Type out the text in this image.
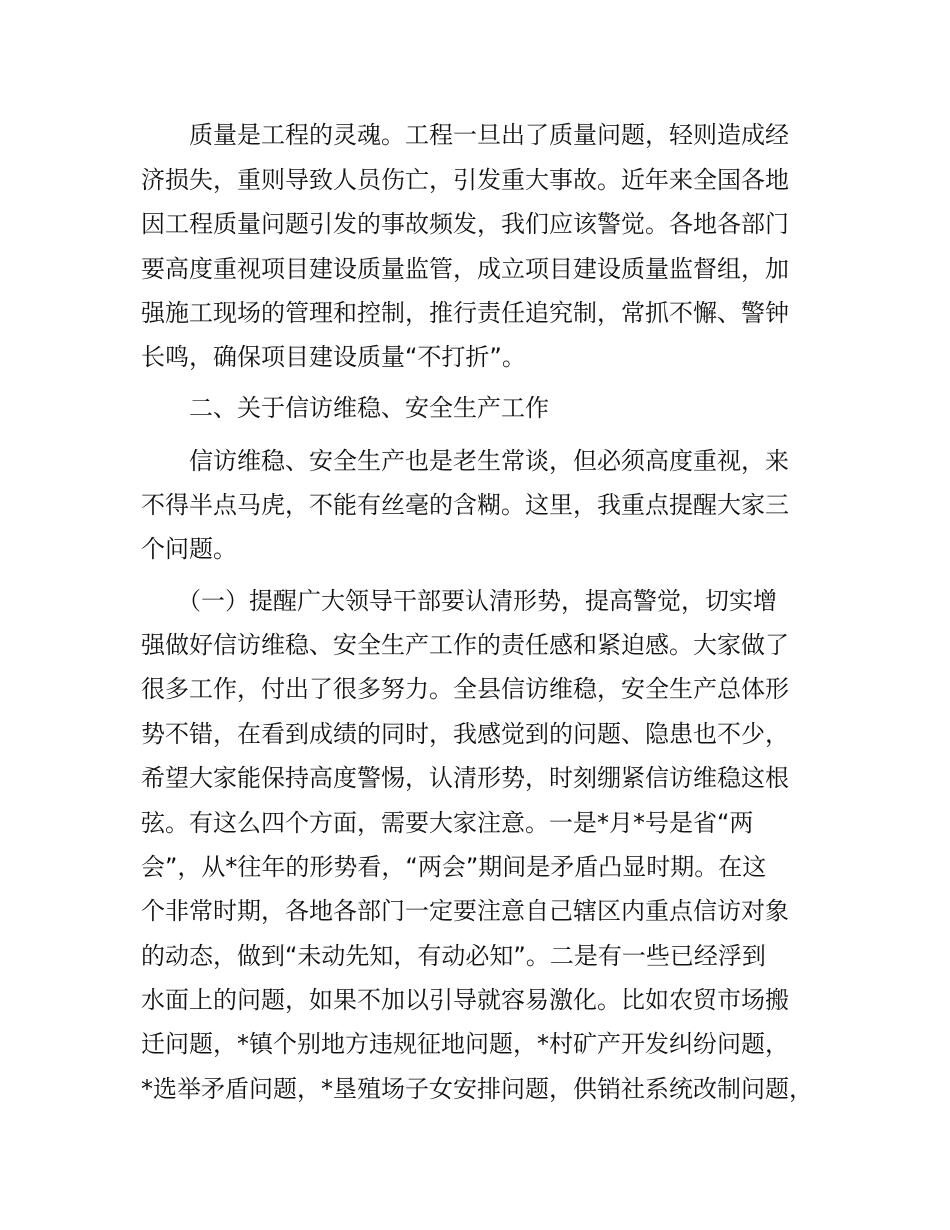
质量是工程的灵魂。工程一旦出了质量问题，轻则造成经
济损失，重则导致人员伤亡，引发重大事故。近年来全国各地
因工程质量问题引发的事故频发，我们应该警觉。各地各部门
要高度重视项目建设质量监管，成立项目建设质量监督组，加
强施工现场的管理和控制，推行责任追究制，常抓不懈、警钟
长鸣，确保项目建设质量“不打折”。
二、关于信访维稳、安全生产工作
信访维稳、安全生产也是老生常谈，但必须高度重视，来
不得半点马虎，不能有丝毫的含糊。这里，我重点提醒大家三
个问题。
（一）提醒广大领导干部要认清形势，提高警觉，切实增
强做好信访维稳、安全生产工作的责任感和紧迫感。大家做了
很多工作，付出了很多努力。全县信访维稳，安全生产总体形
势不错，在看到成绩的同时，我感觉到的问题、隐患也不少，
希望大家能保持高度警惕，认清形势，时刻绷紧信访维稳这根
弦。有这么四个方面，需要大家注意。一是*月*号是省“两
会”，从*往年的形势看，“两会”期间是矛盾凸显时期。在这
个非常时期，各地各部门一定要注意自己辖区内重点信访对象
的动态，做到“未动先知，有动必知”。二是有一些已经浮到
水面上的问题，如果不加以引导就容易激化。比如农贸市场搬
迁问题，*镇个别地方违规征地问题，*村矿产开发纠纷问题，
*选举矛盾问题，*垦殖场子女安排问题，供销社系统改制问题，
